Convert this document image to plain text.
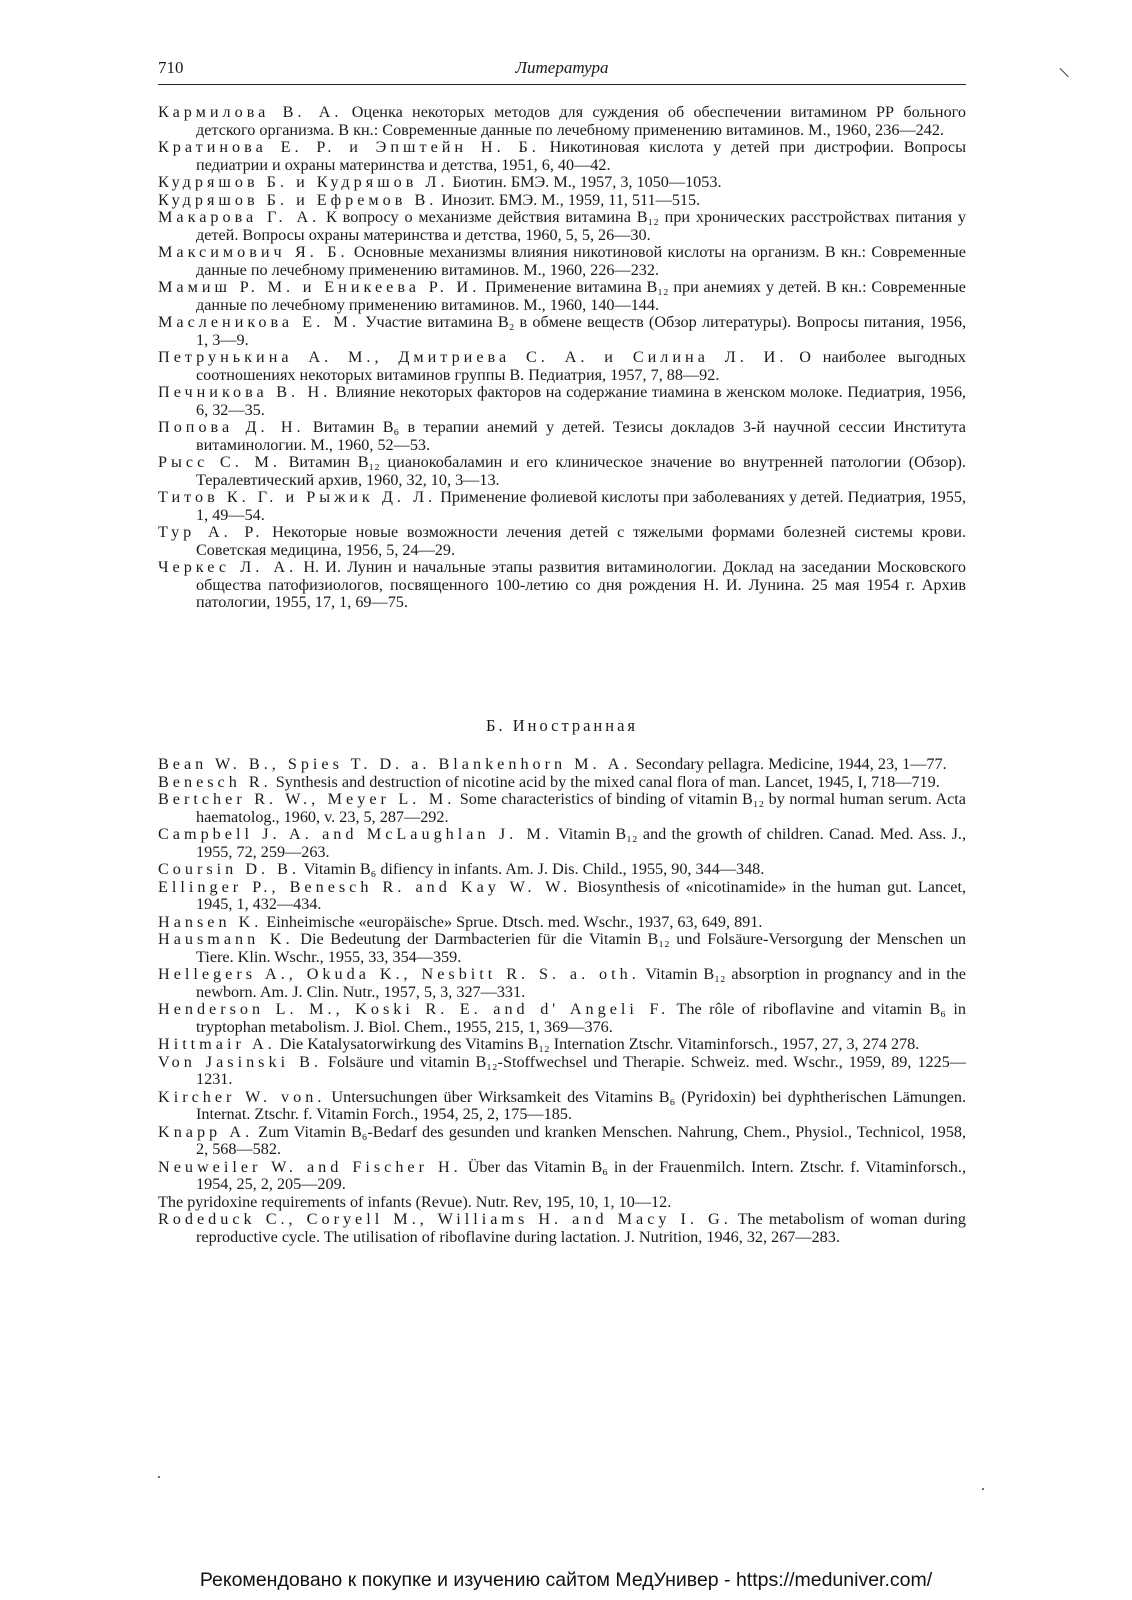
710	Литература
Кармилова В. А. Оценка некоторых методов для суждения об обеспечении витамином РР больного детского организма. В кн.: Современные данные по лечебному применению витаминов. М., 1960, 236—242.
Кратинова Е. Р. и Эпштейн Н. Б. Никотиновая кислота у детей при дистрофии. Вопросы педиатрии и охраны материнства и детства, 1951, 6, 40—42.
Кудряшов Б. и Кудряшов Л. Биотин. БМЭ. М., 1957, 3, 1050—1053.
Кудряшов Б. и Ефремов В. Инозит. БМЭ. М., 1959, 11, 511—515.
Макарова Г. А. К вопросу о механизме действия витамина B₁₂ при хронических расстройствах питания у детей. Вопросы охраны материнства и детства, 1960, 5, 5, 26—30.
Максимович Я. Б. Основные механизмы влияния никотиновой кислоты на организм. В кн.: Современные данные по лечебному применению витаминов. М., 1960, 226—232.
Мамиш Р. М. и Еникеева Р. И. Применение витамина B₁₂ при анемиях у детей. В кн.: Современные данные по лечебному применению витаминов. М., 1960, 140—144.
Масленикова Е. М. Участие витамина B₂ в обмене веществ (Обзор литературы). Вопросы питания, 1956, 1, 3—9.
Петрунькина А. М., Дмитриева С. А. и Силина Л. И. О наиболее выгодных соотношениях некоторых витаминов группы В. Педиатрия, 1957, 7, 88—92.
Печникова В. Н. Влияние некоторых факторов на содержание тиамина в женском молоке. Педиатрия, 1956, 6, 32—35.
Попова Д. Н. Витамин B₆ в терапии анемий у детей. Тезисы докладов 3-й научной сессии Института витаминологии. М., 1960, 52—53.
Рысс С. М. Витамин B₁₂ цианокобаламин и его клиническое значение во внутренней патологии (Обзор). Тералевтический архив, 1960, 32, 10, 3—13.
Титов К. Г. и Рыжик Д. Л. Применение фолиевой кислоты при заболеваниях у детей. Педиатрия, 1955, 1, 49—54.
Тур А. Р. Некоторые новые возможности лечения детей с тяжелыми формами болезней системы крови. Советская медицина, 1956, 5, 24—29.
Черкес Л. А. Н. И. Лунин и начальные этапы развития витаминологии. Доклад на заседании Московского общества патофизиологов, посвященного 100-летию со дня рождения Н. И. Лунина. 25 мая 1954 г. Архив патологии, 1955, 17, 1, 69—75.
Б. Иностранная
Bean W. B., Spies T. D. a. Blankenhorn M. A. Secondary pellagra. Medicine, 1944, 23, 1—77.
Benesch R. Synthesis and destruction of nicotine acid by the mixed canal flora of man. Lancet, 1945, I, 718—719.
Bertcher R. W., Meyer L. M. Some characteristics of binding of vitamin B₁₂ by normal human serum. Acta haematolog., 1960, v. 23, 5, 287—292.
Campbell J. A. and McLaughlan J. M. Vitamin B₁₂ and the growth of children. Canad. Med. Ass. J., 1955, 72, 259—263.
Coursin D. B. Vitamin B₆ difiency in infants. Am. J. Dis. Child., 1955, 90, 344—348.
Ellinger P., Benesch R. and Kay W. W. Biosynthesis of «nicotinamide» in the human gut. Lancet, 1945, 1, 432—434.
Hansen K. Einheimische «europäische» Sprue. Dtsch. med. Wschr., 1937, 63, 649, 891.
Hausmann K. Die Bedeutung der Darmbacterien für die Vitamin B₁₂ und Folsäure-Versorgung der Menschen un Tiere. Klin. Wschr., 1955, 33, 354—359.
Hellegers A., Okuda K., Nesbitt R. S. a. oth. Vitamin B₁₂ absorption in prognancy and in the newborn. Am. J. Clin. Nutr., 1957, 5, 3, 327—331.
Henderson L. M., Koski R. E. and d' Angeli F. The rôle of riboflavine and vitamin B₆ in tryptophan metabolism. J. Biol. Chem., 1955, 215, 1, 369—376.
Hittmair A. Die Katalysatorwirkung des Vitamins B₁₂ Internation Ztschr. Vitaminforsch., 1957, 27, 3, 274 278.
Von Jasinski B. Folsäure und vitamin B₁₂-Stoffwechsel und Therapie. Schweiz. med. Wschr., 1959, 89, 1225—1231.
Kircher W. von. Untersuchungen über Wirksamkeit des Vitamins B₆ (Pyridoxin) bei dyphtherischen Lämungen. Internat. Ztschr. f. Vitamin Forch., 1954, 25, 2, 175—185.
Knapp A. Zum Vitamin B₆-Bedarf des gesunden und kranken Menschen. Nahrung, Chem., Physiol., Technicol, 1958, 2, 568—582.
Neuweiler W. and Fischer H. Über das Vitamin B₆ in der Frauenmilch. Intern. Ztschr. f. Vitaminforsch., 1954, 25, 2, 205—209.
The pyridoxine requirements of infants (Revue). Nutr. Rev, 195, 10, 1, 10—12.
Rodeduck C., Coryell M., Williams H. and Macy I. G. The metabolism of woman during reproductive cycle. The utilisation of riboflavine during lactation. J. Nutrition, 1946, 32, 267—283.
Рекомендовано к покупке и изучению сайтом МедУнивер - https://meduniver.com/
